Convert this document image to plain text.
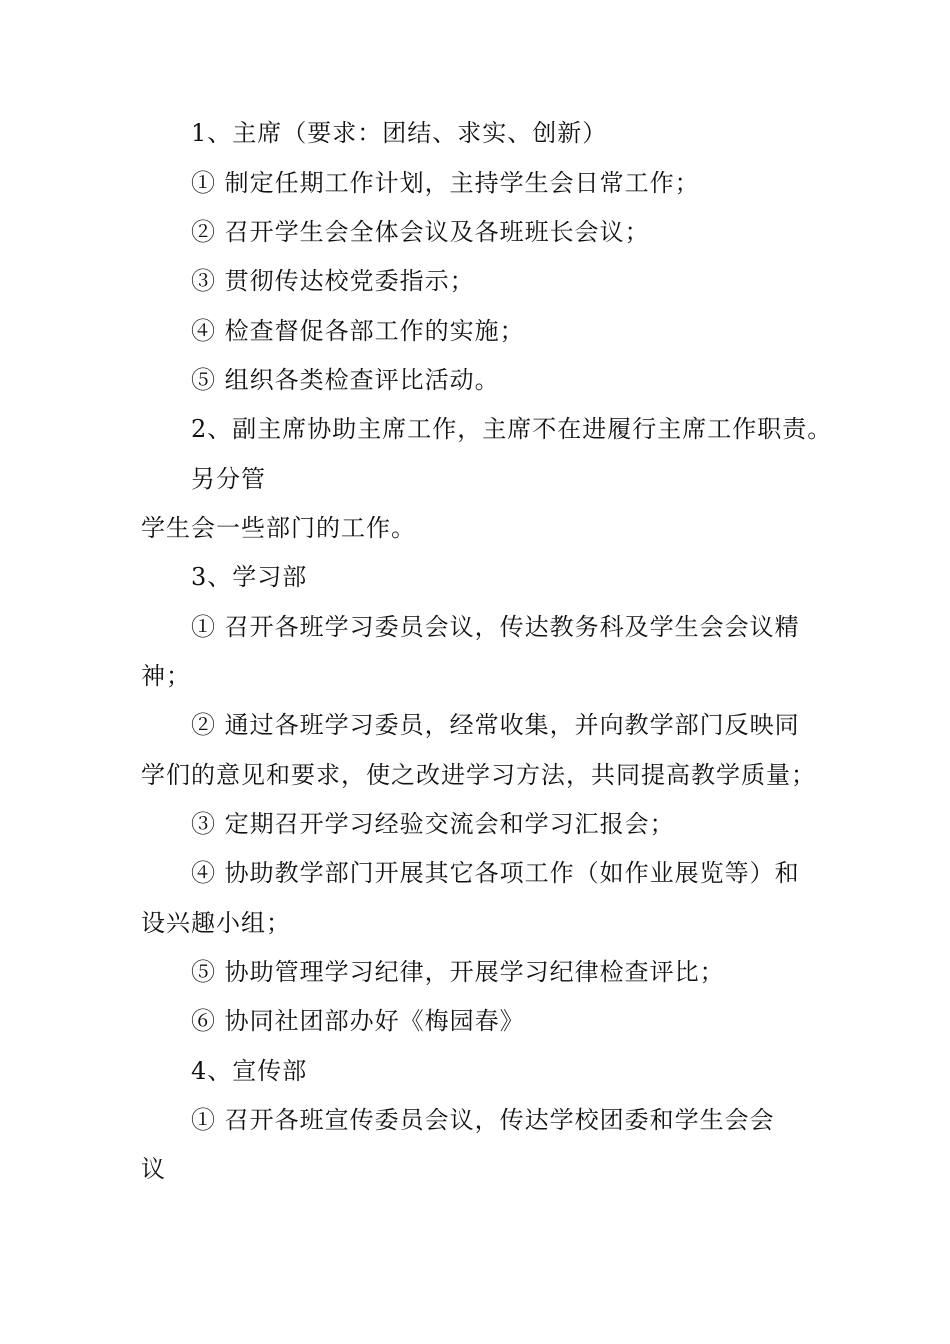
1、主席（要求：团结、求实、创新）
① 制定任期工作计划，主持学生会日常工作；
② 召开学生会全体会议及各班班长会议；
③ 贯彻传达校党委指示；
④ 检查督促各部工作的实施；
⑤ 组织各类检查评比活动。
2、副主席协助主席工作，主席不在进履行主席工作职责。
另分管
学生会一些部门的工作。
3、学习部
① 召开各班学习委员会议，传达教务科及学生会会议精
神；
② 通过各班学习委员，经常收集，并向教学部门反映同
学们的意见和要求，使之改进学习方法，共同提高教学质量；
③ 定期召开学习经验交流会和学习汇报会；
④ 协助教学部门开展其它各项工作（如作业展览等）和
设兴趣小组；
⑤ 协助管理学习纪律，开展学习纪律检查评比；
⑥ 协同社团部办好《梅园春》
4、宣传部
① 召开各班宣传委员会议，传达学校团委和学生会会
议
